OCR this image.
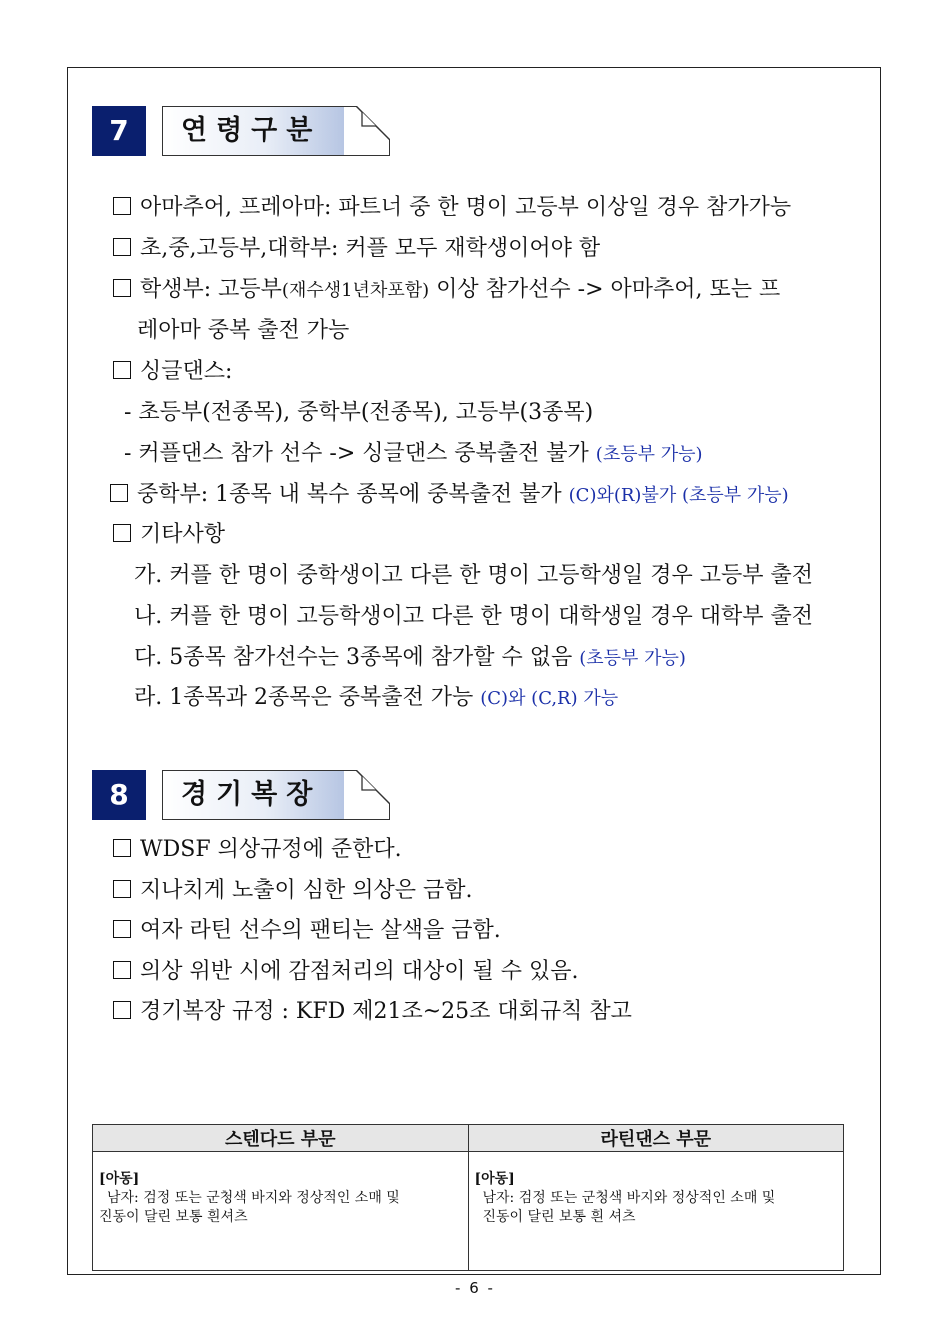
7	연령구분
아마추어, 프레아마: 파트너 중 한 명이 고등부 이상일 경우 참가가능
초,중,고등부,대학부: 커플 모두 재학생이어야 함
학생부: 고등부(재수생1년차포함) 이상 참가선수 -> 아마추어, 또는 프
레아마 중복 출전 가능
싱글댄스:
- 초등부(전종목), 중학부(전종목), 고등부(3종목)
- 커플댄스 참가 선수 -> 싱글댄스 중복출전 불가 (초등부 가능)
중학부: 1종목 내 복수 종목에 중복출전 불가 (C)와(R)불가 (초등부 가능)
기타사항
가. 커플 한 명이 중학생이고 다른 한 명이 고등학생일 경우 고등부 출전
나. 커플 한 명이 고등학생이고 다른 한 명이 대학생일 경우 대학부 출전
다. 5종목 참가선수는 3종목에 참가할 수 없음 (초등부 가능)
라. 1종목과 2종목은 중복출전 가능 (C)와 (C,R) 가능
8	경기복장
WDSF 의상규정에 준한다.
지나치게 노출이 심한 의상은 금함.
여자 라틴 선수의 팬티는 살색을 금함.
의상 위반 시에 감점처리의 대상이 될 수 있음.
경기복장 규정 : KFD 제21조~25조 대회규칙 참고
스텐다드 부문	라틴댄스 부문
[아동]

남자: 검정 또는 군청색 바지와 정상적인 소매 및
진동이 달린 보통 흰셔츠	[아동]

남자: 검정 또는 군청색 바지와 정상적인 소매 및
진동이 달린 보통 흰 셔츠
- 6 -
